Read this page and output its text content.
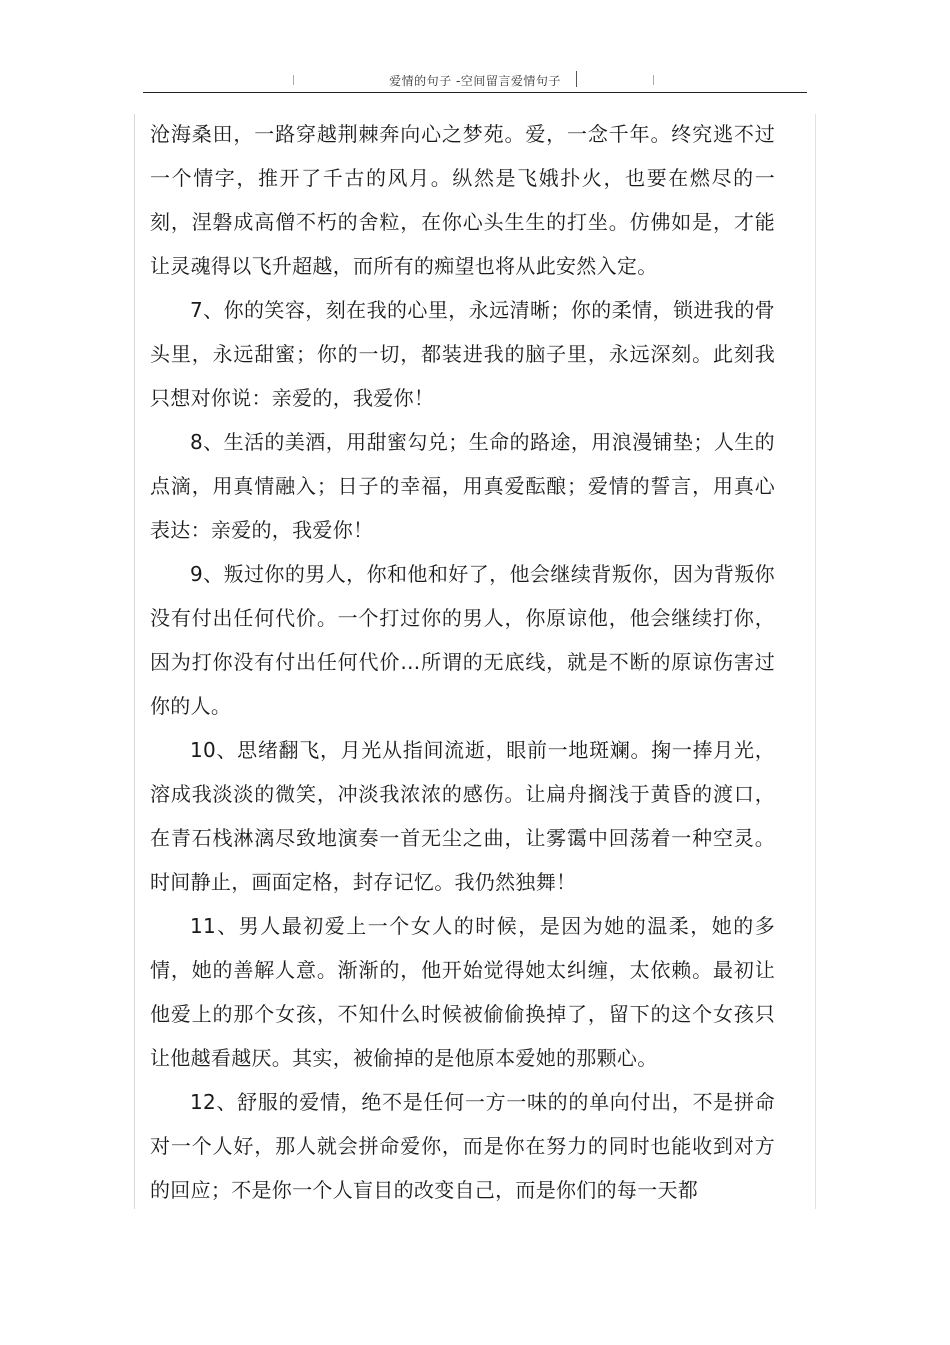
爱情的句子 -空间留言爱情句子

沧海桑田，一路穿越荆棘奔向心之梦苑。爱，一念千年。终究逃不过一个情字，推开了千古的风月。纵然是飞娥扑火，也要在燃尽的一刻，涅磐成高僧不朽的舍粒，在你心头生生的打坐。仿佛如是，才能让灵魂得以飞升超越，而所有的痴望也将从此安然入定。

7、你的笑容，刻在我的心里，永远清晰；你的柔情，锁进我的骨头里，永远甜蜜；你的一切，都装进我的脑子里，永远深刻。此刻我只想对你说：亲爱的，我爱你！

8、生活的美酒，用甜蜜勾兑；生命的路途，用浪漫铺垫；人生的点滴，用真情融入；日子的幸福，用真爱酝酿；爱情的誓言，用真心表达：亲爱的，我爱你！

9、叛过你的男人，你和他和好了，他会继续背叛你，因为背叛你没有付出任何代价。一个打过你的男人，你原谅他，他会继续打你，因为打你没有付出任何代价…所谓的无底线，就是不断的原谅伤害过你的人。

10、思绪翻飞，月光从指间流逝，眼前一地斑斓。掬一捧月光，溶成我淡淡的微笑，冲淡我浓浓的感伤。让扁舟搁浅于黄昏的渡口，在青石栈淋漓尽致地演奏一首无尘之曲，让雾霭中回荡着一种空灵。时间静止，画面定格，封存记忆。我仍然独舞！

11、男人最初爱上一个女人的时候，是因为她的温柔，她的多情，她的善解人意。渐渐的，他开始觉得她太纠缠，太依赖。最初让他爱上的那个女孩，不知什么时候被偷偷换掉了，留下的这个女孩只让他越看越厌。其实，被偷掉的是他原本爱她的那颗心。

12、舒服的爱情，绝不是任何一方一味的的单向付出，不是拼命对一个人好，那人就会拼命爱你，而是你在努力的同时也能收到对方的回应；不是你一个人盲目的改变自己，而是你们的每一天都
